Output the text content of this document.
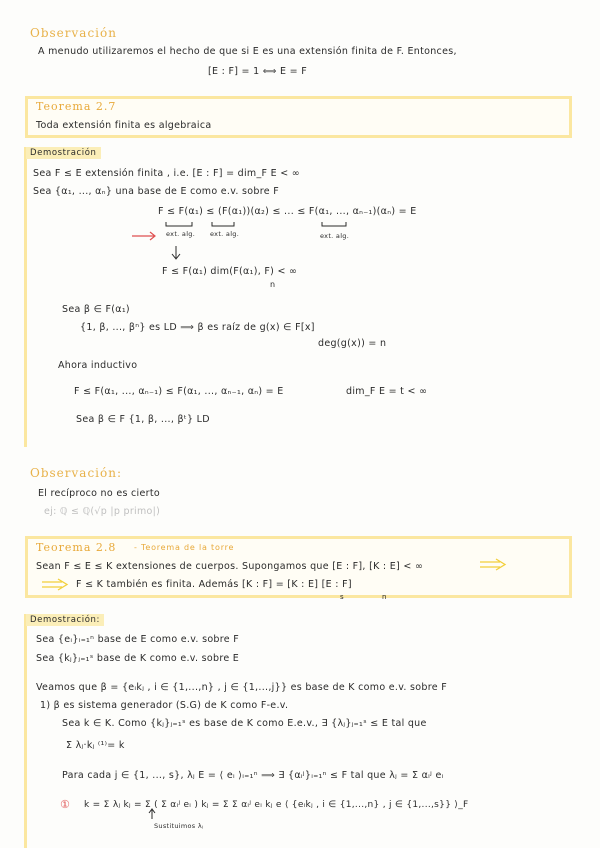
Observación
A menudo utilizaremos el hecho de que si E es una extensión finita de F. Entonces,
[E : F] = 1 ⟺ E = F
Teorema 2.7
Toda extensión finita es algebraica
Demostración
Sea F ≤ E extensión finita , i.e. [E : F] = dim_F E < ∞
Sea {α₁, ..., αₙ} una base de E como e.v. sobre F
F ≤ F(α₁) ≤ (F(α₁))(α₂) ≤ ... ≤ F(α₁, ..., αₙ₋₁)(αₙ) = E
ext. alg. ext. alg.	ext. alg.
F ≤ F(α₁) dim(F(α₁), F) < ∞
n
Sea β ∈ F(α₁)
{1, β, ..., βⁿ} es LD ⟹ β es raíz de g(x) ∈ F[x]
deg(g(x)) = n
Ahora inductivo
F ≤ F(α₁, ..., αₙ₋₁) ≤ F(α₁, ..., αₙ₋₁, αₙ) = E	dim_F E = t < ∞
Sea β ∈ F {1, β, ..., βᵗ} LD
Observación:
El recíproco no es cierto
ej: ℚ ≤ ℚ(√p |p primo|)
Teorema 2.8 - Teorema de la torre
Sean F ≤ E ≤ K extensiones de cuerpos. Supongamos que [E : F], [K : E] < ∞
F ≤ K también es finita. Además [K : F] = [K : E] [E : F]
s	n
Demostración:
Sea {eᵢ}ᵢ₌₁ⁿ base de E como e.v. sobre F
Sea {kⱼ}ⱼ₌₁ˢ base de K como e.v. sobre E
Veamos que β = {eᵢkⱼ , i ∈ {1,...,n} , j ∈ {1,...,j}} es base de K como e.v. sobre F
1) β es sistema generador (S.G) de K como F-e.v.
Sea k ∈ K. Como {kⱼ}ⱼ₌₁ˢ es base de K como E.e.v., ∃ {λⱼ}ⱼ₌₁ˢ ≤ E tal que
Σ λⱼ·kⱼ ⁽¹⁾= k
Para cada j ∈ {1, ..., s}, λⱼ E = ⟨ eᵢ ⟩ᵢ₌₁ⁿ ⟹ ∃ {αᵢʲ}ᵢ₌₁ⁿ ≤ F tal que λⱼ = Σ αᵢʲ eᵢ
① k = Σ λⱼ kⱼ = Σ ( Σ αᵢʲ eᵢ ) kⱼ = Σ Σ αᵢʲ eᵢ kⱼ e ⟨ {eᵢkⱼ , i ∈ {1,...,n} , j ∈ {1,...,s}} ⟩_F
Sustituimos λⱼ
